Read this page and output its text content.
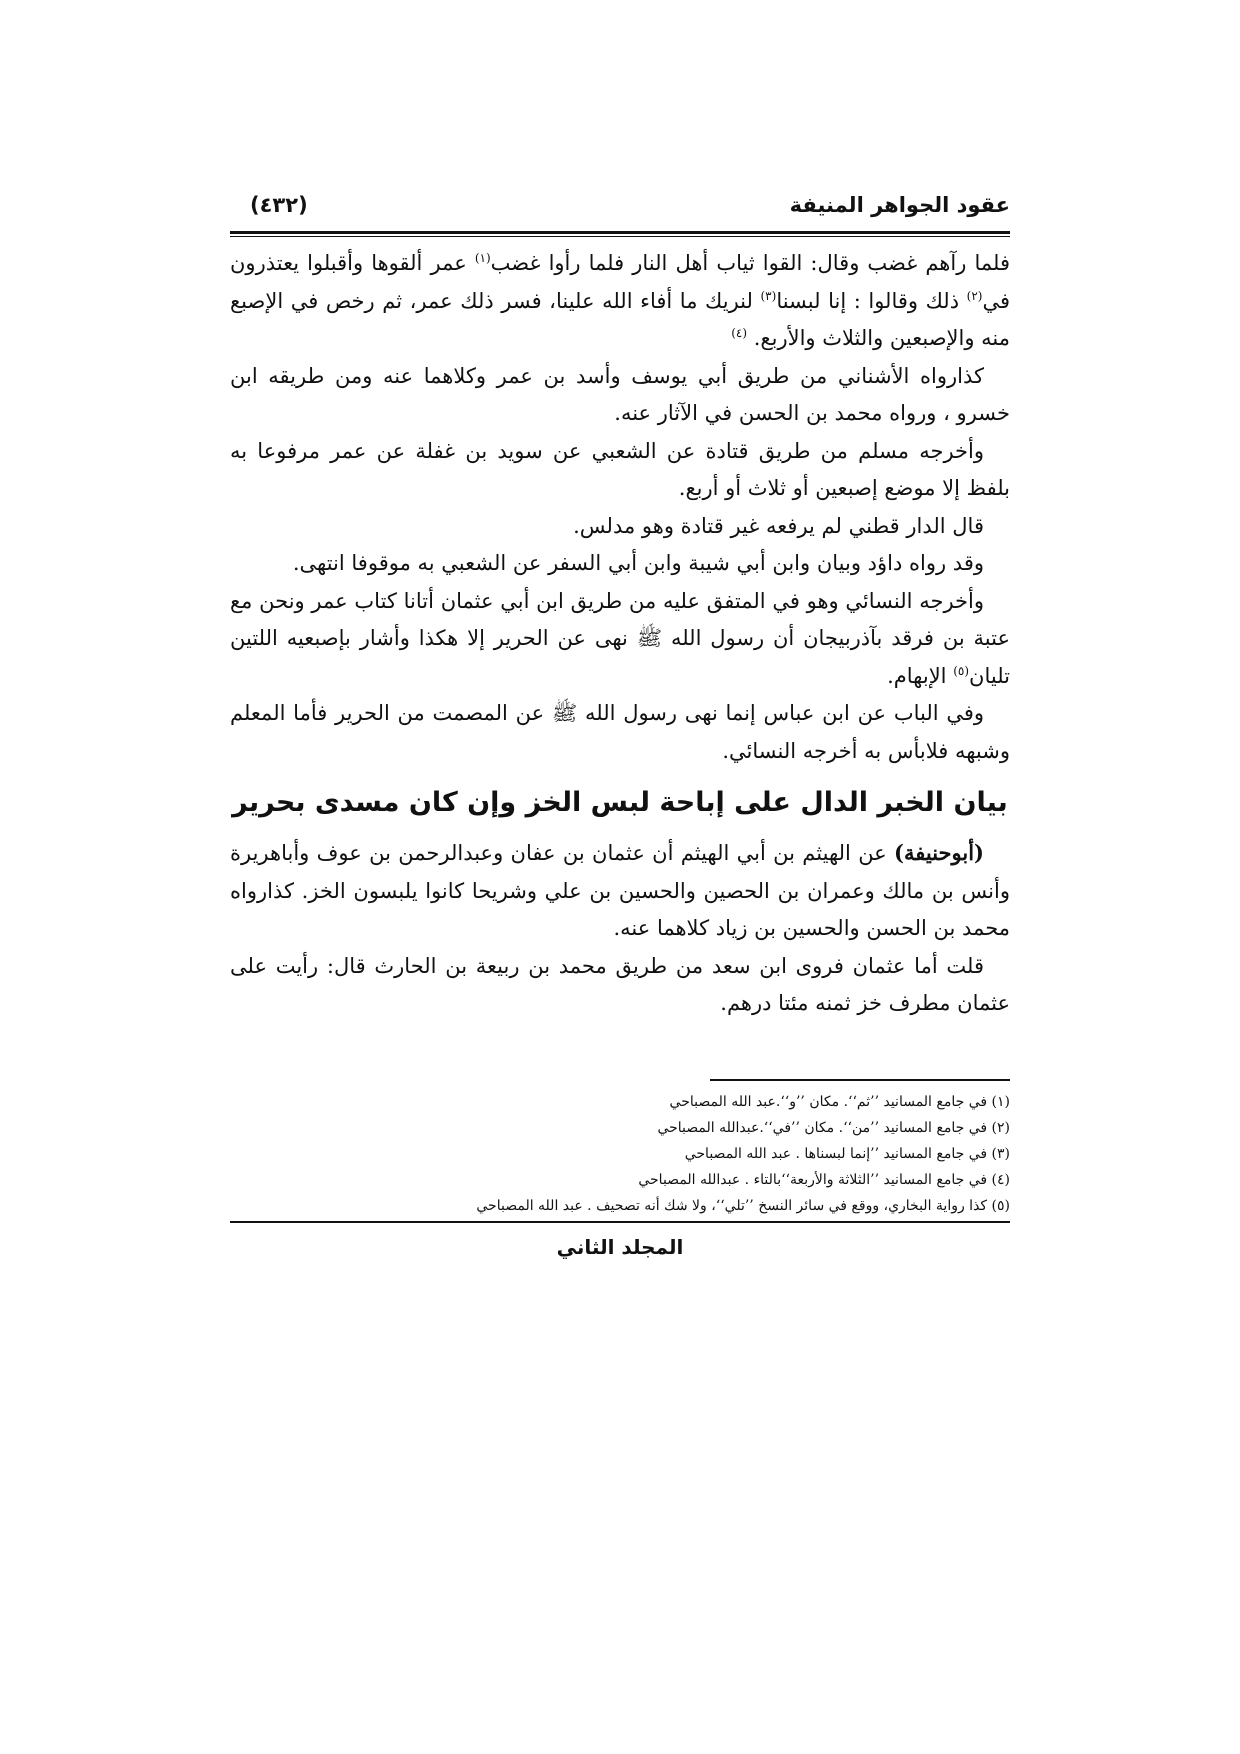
عقود الجواهر المنيفة
(٤٣٢)

فلما رآهم غضب وقال: القوا ثياب أهل النار فلما رأوا غضب$^{(١)}$ عمر ألقوها وأقبلوا يعتذرون في$^{(٢)}$ ذلك وقالوا : إنا لبسنا$^{(٣)}$ لنريك ما أفاء الله علينا، فسر ذلك عمر، ثم رخص في الإصبع منه والإصبعين والثلاث والأربع. $^{(٤)}$

كذارواه الأشناني من طريق أبي يوسف وأسد بن عمر وكلاهما عنه ومن طريقه ابن خسرو ، ورواه محمد بن الحسن في الآثار عنه.

وأخرجه مسلم من طريق قتادة عن الشعبي عن سويد بن غفلة عن عمر مرفوعا به بلفظ إلا موضع إصبعين أو ثلاث أو أربع.

قال الدار قطني لم يرفعه غير قتادة وهو مدلس.

وقد رواه داؤد وبيان وابن أبي شيبة وابن أبي السفر عن الشعبي به موقوفا انتهى.

وأخرجه النسائي وهو في المتفق عليه من طريق ابن أبي عثمان أتانا كتاب عمر ونحن مع عتبة بن فرقد بآذربيجان أن رسول الله ﷺ نهى عن الحرير إلا هكذا وأشار بإصبعيه اللتين تليان$^{(٥)}$ الإبهام.

وفي الباب عن ابن عباس إنما نهى رسول الله ﷺ عن المصمت من الحرير فأما المعلم وشبهه فلابأس به أخرجه النسائي.

بيان الخبر الدال على إباحة لبس الخز وإن كان مسدى بحرير

(أبوحنيفة) عن الهيثم بن أبي الهيثم أن عثمان بن عفان وعبدالرحمن بن عوف وأباهريرة وأنس بن مالك وعمران بن الحصين والحسين بن علي وشريحا كانوا يلبسون الخز. كذارواه محمد بن الحسن والحسين بن زياد كلاهما عنه.

قلت أما عثمان فروى ابن سعد من طريق محمد بن ربيعة بن الحارث قال: رأيت على عثمان مطرف خز ثمنه مئتا درهم.

(١) في جامع المسانيد ’’ثم‘‘. مكان ’’و‘‘.عبد الله المصباحي
(٢) في جامع المسانيد ’’من‘‘. مكان ’’في‘‘.عبدالله المصباحي
(٣) في جامع المسانيد ’’إنما لبسناها . عبد الله المصباحي
(٤) في جامع المسانيد ’’الثلاثة والأربعة‘‘بالتاء . عبدالله المصباحي
(٥) كذا رواية البخاري، ووقع في سائر النسخ ’’تلي‘‘، ولا شك أنه تصحيف . عبد الله المصباحي
المجلد الثاني
